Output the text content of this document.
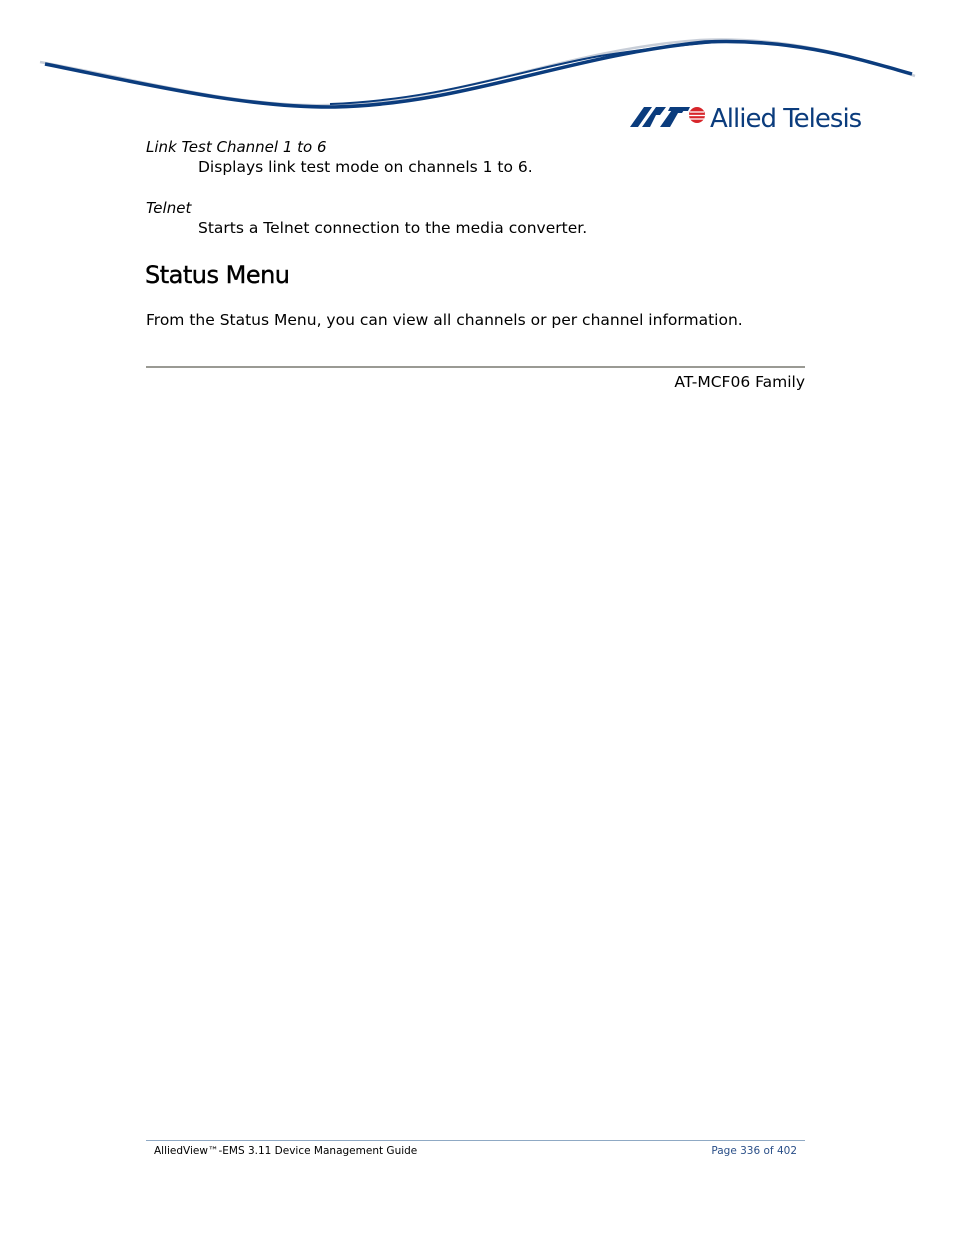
Allied Telesis
Link Test Channel 1 to 6
Displays link test mode on channels 1 to 6.
Telnet
Starts a Telnet connection to the media converter.
Status Menu
From the Status Menu, you can view all channels or per channel information.
AT-MCF06 Family
AlliedView™-EMS 3.11 Device Management Guide	Page 336 of 402
